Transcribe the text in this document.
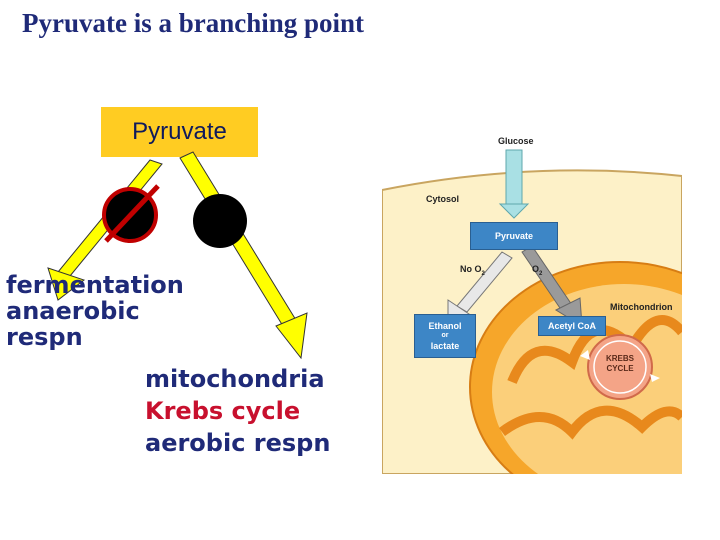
Pyruvate is a branching point
Pyruvate
fermentation
anaerobic
respn
mitochondria
Krebs cycle
aerobic respn
Glucose
Cytosol
Pyruvate
No $O_2$	$O_2$
Mitochondrion
Ethanol
or
lactate
Acetyl CoA
KREBS
CYCLE
